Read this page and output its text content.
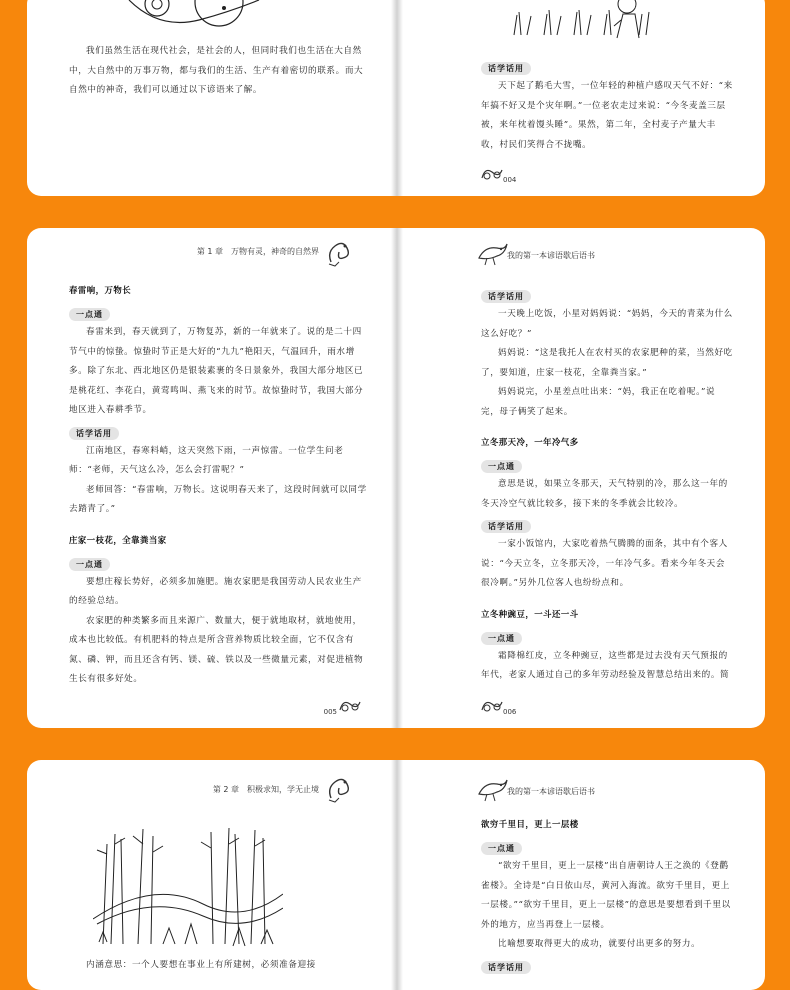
我们虽然生活在现代社会，是社会的人，但同时我们也生活在大自然中，大自然中的万事万物，都与我们的生活、生产有着密切的联系。而大自然中的神奇，我们可以通过以下谚语来了解。

话学话用

天下起了鹅毛大雪，一位年轻的种植户感叹天气不好：“来年搞不好又是个灾年啊。”一位老农走过来说：“今冬麦盖三层被，来年枕着馒头睡”。果然，第二年，全村麦子产量大丰收，村民们笑得合不拢嘴。

004
第 1 章　万物有灵，神奇的自然界
春雷响，万物长
一点通

春雷来到，春天就到了，万物复苏，新的一年就来了。说的是二十四节气中的惊蛰。惊蛰时节正是大好的“九九”艳阳天，气温回升，雨水增多。除了东北、西北地区仍是银装素裹的冬日景象外，我国大部分地区已是桃花红、李花白，黄莺鸣叫、燕飞来的时节。故惊蛰时节，我国大部分地区进入春耕季节。

话学话用

江南地区，春寒料峭，这天突然下雨，一声惊雷。一位学生问老师：“老师，天气这么冷，怎么会打雷呢？”

老师回答：“春雷响，万物长。这说明春天来了，这段时间就可以同学去踏青了。”

庄家一枝花，全靠粪当家
一点通

要想庄稼长势好，必须多加施肥。施农家肥是我国劳动人民农业生产的经验总结。

农家肥的种类繁多而且来源广、数量大，便于就地取材，就地使用，成本也比较低。有机肥料的特点是所含营养物质比较全面，它不仅含有氮、磷、钾，而且还含有钙、镁、硫、铁以及一些微量元素，对促进植物生长有很多好处。

005
我的第一本谚语歇后语书
话学话用

一天晚上吃饭，小星对妈妈说：“妈妈，今天的青菜为什么这么好吃？”

妈妈说：“这是我托人在农村买的农家肥种的菜，当然好吃了，要知道，庄家一枝花，全靠粪当家。”

妈妈说完，小星差点吐出来：“妈，我正在吃着呢。”说完，母子俩笑了起来。

立冬那天冷，一年冷气多
一点通

意思是说，如果立冬那天，天气特别的冷，那么这一年的冬天冷空气就比较多，接下来的冬季就会比较冷。

话学话用

一家小饭馆内，大家吃着热气腾腾的面条，其中有个客人说：“今天立冬，立冬那天冷，一年冷气多。看来今年冬天会很冷啊。”另外几位客人也纷纷点和。

立冬种豌豆，一斗还一斗
一点通

霜降棉红皮，立冬种豌豆，这些都是过去没有天气预报的年代，老家人通过自己的多年劳动经验及智慧总结出来的。简

006
第 2 章　积极求知，学无止境

内涵意思：一个人要想在事业上有所建树，必须准备迎接

我的第一本谚语歇后语书
欲穷千里目，更上一层楼
一点通

“欲穷千里目，更上一层楼”出自唐朝诗人王之涣的《登鹳雀楼》。全诗是“白日依山尽，黄河入海流。欲穷千里目，更上一层楼。”“欲穷千里目，更上一层楼”的意思是要想看到千里以外的地方，应当再登上一层楼。

比喻想要取得更大的成功，就要付出更多的努力。

话学话用
